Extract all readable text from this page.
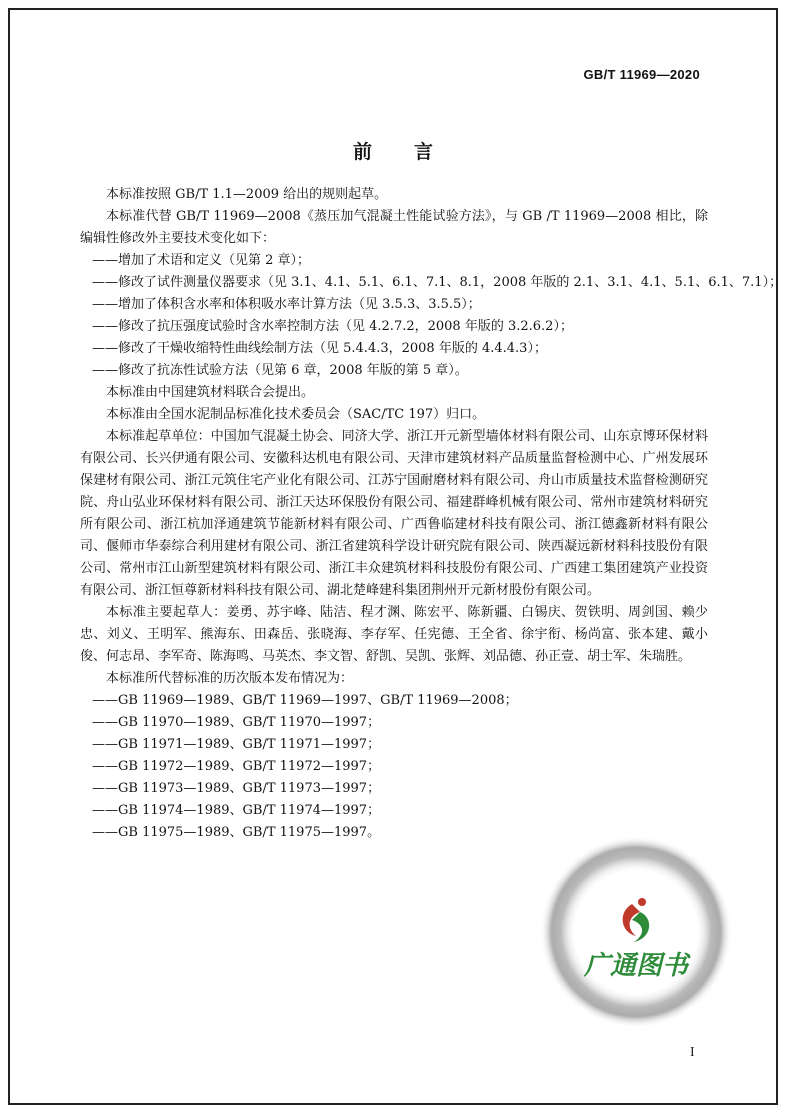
GB/T 11969—2020
前言

本标准按照 GB/T 1.1—2009 给出的规则起草。

本标准代替 GB/T 11969—2008《蒸压加气混凝土性能试验方法》，与 GB /T 11969—2008 相比，除编辑性修改外主要技术变化如下：

——增加了术语和定义（见第 2 章）；

——修改了试件测量仪器要求（见 3.1、4.1、5.1、6.1、7.1、8.1，2008 年版的 2.1、3.1、4.1、5.1、6.1、7.1）；

——增加了体积含水率和体积吸水率计算方法（见 3.5.3、3.5.5）；

——修改了抗压强度试验时含水率控制方法（见 4.2.7.2，2008 年版的 3.2.6.2）；

——修改了干燥收缩特性曲线绘制方法（见 5.4.4.3，2008 年版的 4.4.4.3）；

——修改了抗冻性试验方法（见第 6 章，2008 年版的第 5 章）。

本标准由中国建筑材料联合会提出。

本标准由全国水泥制品标准化技术委员会（SAC/TC 197）归口。

本标准起草单位：中国加气混凝土协会、同济大学、浙江开元新型墙体材料有限公司、山东京博环保材料有限公司、长兴伊通有限公司、安徽科达机电有限公司、天津市建筑材料产品质量监督检测中心、广州发展环保建材有限公司、浙江元筑住宅产业化有限公司、江苏宁国耐磨材料有限公司、舟山市质量技术监督检测研究院、舟山弘业环保材料有限公司、浙江天达环保股份有限公司、福建群峰机械有限公司、常州市建筑材料研究所有限公司、浙江杭加泽通建筑节能新材料有限公司、广西鲁临建材科技有限公司、浙江德鑫新材料有限公司、偃师市华泰综合利用建材有限公司、浙江省建筑科学设计研究院有限公司、陕西凝远新材料科技股份有限公司、常州市江山新型建筑材料有限公司、浙江丰众建筑材料科技股份有限公司、广西建工集团建筑产业投资有限公司、浙江恒尊新材料科技有限公司、湖北楚峰建科集团荆州开元新材股份有限公司。

本标准主要起草人：姜勇、苏宇峰、陆洁、程才渊、陈宏平、陈新疆、白锡庆、贺铁明、周剑国、赖少忠、刘义、王明军、熊海东、田森岳、张晓海、李存军、任宪德、王全省、徐宇衔、杨尚富、张本建、戴小俊、何志昂、李军奇、陈海鸣、马英杰、李文智、舒凯、吴凯、张辉、刘品德、孙正壹、胡士军、朱瑞胜。

本标准所代替标准的历次版本发布情况为：

——GB 11969—1989、GB/T 11969—1997、GB/T 11969—2008；

——GB 11970—1989、GB/T 11970—1997；

——GB 11971—1989、GB/T 11971—1997；

——GB 11972—1989、GB/T 11972—1997；

——GB 11973—1989、GB/T 11973—1997；

——GB 11974—1989、GB/T 11974—1997；

——GB 11975—1989、GB/T 11975—1997。

广通图书
I
